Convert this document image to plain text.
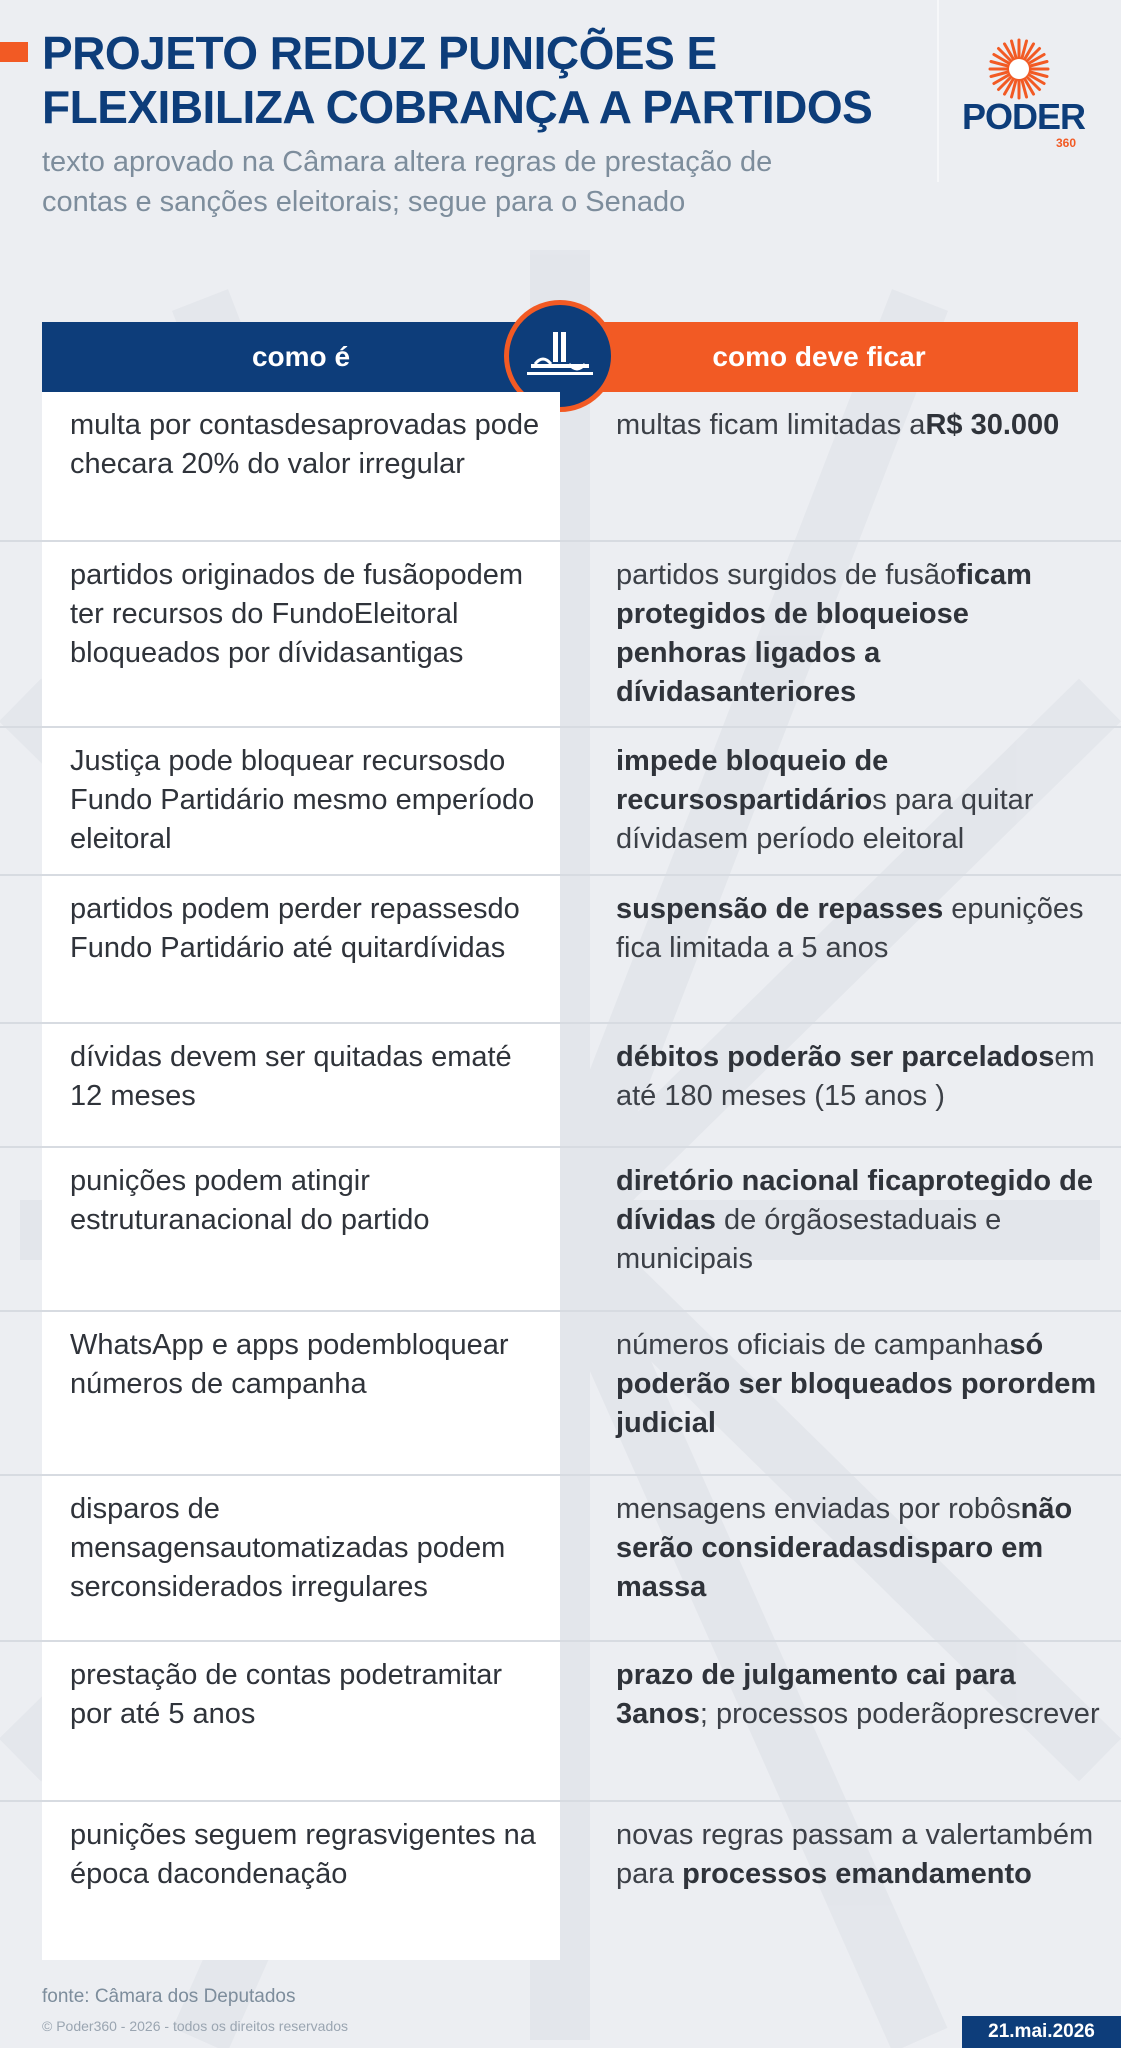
PROJETO REDUZ PUNIÇÕES E
FLEXIBILIZA COBRANÇA A PARTIDOS
texto aprovado na Câmara altera regras de prestação de
contas e sanções eleitorais; segue para o Senado
PODER
360
como é	como deve ficar
multa por contasdesaprovadas pode checara 20% do valor irregular
multas ficam limitadas aR$ 30.000
partidos originados de fusãopodem ter recursos do FundoEleitoral bloqueados por dívidasantigas
partidos surgidos de fusãoficam protegidos de bloqueiose penhoras ligados a dívidasanteriores
Justiça pode bloquear recursosdo Fundo Partidário mesmo emperíodo eleitoral
impede bloqueio de recursospartidários para quitar dívidasem período eleitoral
partidos podem perder repassesdo Fundo Partidário até quitardívidas
suspensão de repasses epunições fica limitada a 5 anos
dívidas devem ser quitadas ematé 12 meses
débitos poderão ser parceladosem até 180 meses (15 anos )
punições podem atingir estruturanacional do partido
diretório nacional ficaprotegido de dívidas de órgãosestaduais e municipais
WhatsApp e apps podembloquear números de campanha
números oficiais de campanhasó poderão ser bloqueados porordem judicial
disparos de mensagensautomatizadas podem serconsiderados irregulares
mensagens enviadas por robôsnão serão consideradasdisparo em massa
prestação de contas podetramitar por até 5 anos
prazo de julgamento cai para 3anos; processos poderãoprescrever
punições seguem regrasvigentes na época dacondenação
novas regras passam a valertambém para processos emandamento
fonte: Câmara dos Deputados
© Poder360 - 2026 - todos os direitos reservados	21.mai.2026
